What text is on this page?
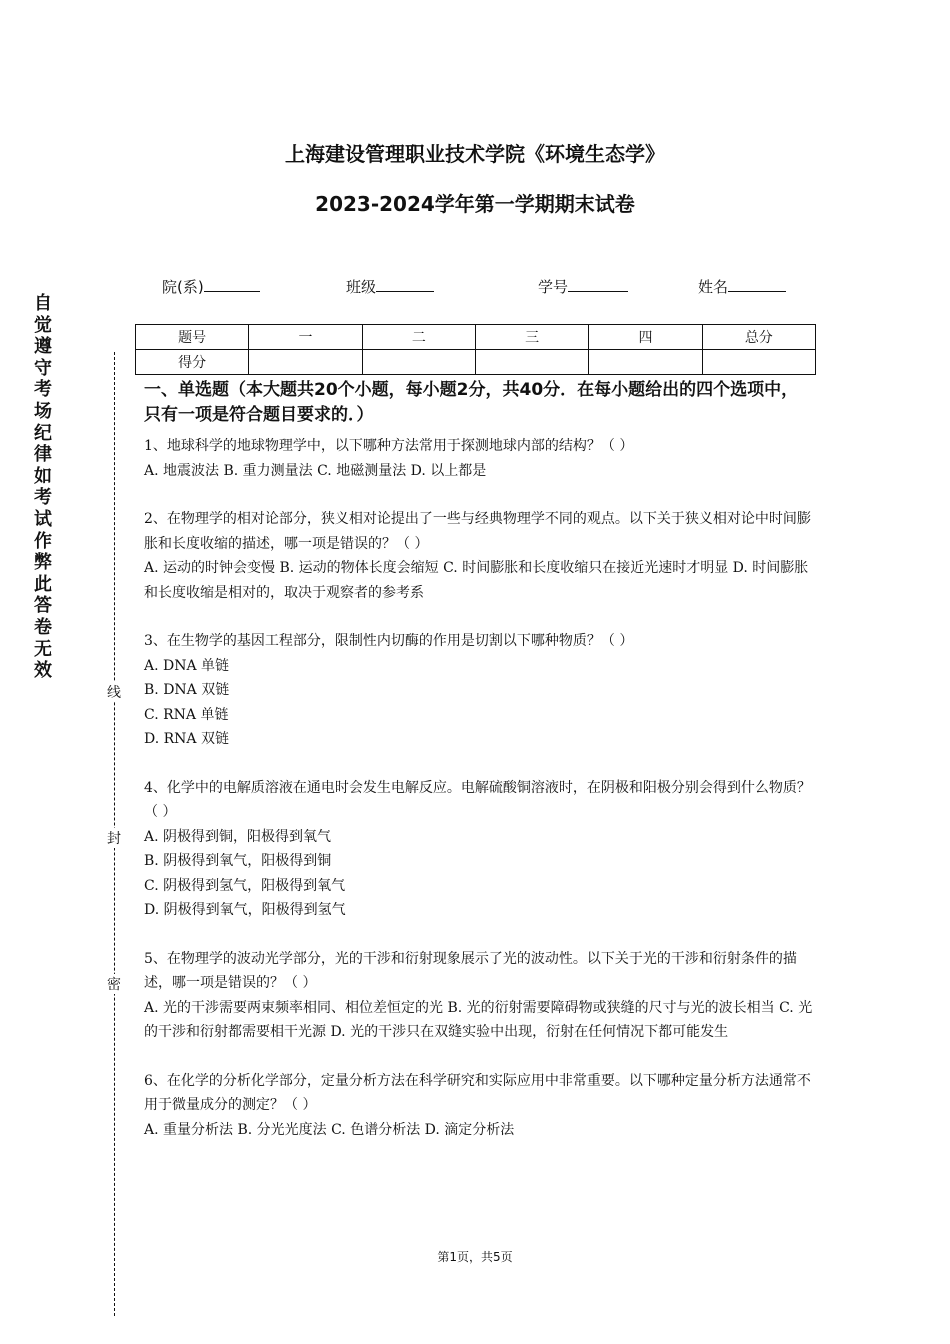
上海建设管理职业技术学院《环境生态学》
2023-2024学年第一学期期末试卷
院(系)	班级	学号	姓名
题号	一	二	三	四	总分
得分					
自觉遵守考场纪律如考试作弊此答卷无效
线
封
密

一、单选题（本大题共20个小题，每小题2分，共40分．在每小题给出的四个选项中，只有一项是符合题目要求的．）

1、地球科学的地球物理学中，以下哪种方法常用于探测地球内部的结构？（ ）

A. 地震波法 B. 重力测量法 C. 地磁测量法 D. 以上都是

2、在物理学的相对论部分，狭义相对论提出了一些与经典物理学不同的观点。以下关于狭义相对论中时间膨胀和长度收缩的描述，哪一项是错误的？（ ）

A. 运动的时钟会变慢 B. 运动的物体长度会缩短 C. 时间膨胀和长度收缩只在接近光速时才明显 D. 时间膨胀和长度收缩是相对的，取决于观察者的参考系

3、在生物学的基因工程部分，限制性内切酶的作用是切割以下哪种物质？（ ）

A. DNA 单链

B. DNA 双链

C. RNA 单链

D. RNA 双链

4、化学中的电解质溶液在通电时会发生电解反应。电解硫酸铜溶液时，在阴极和阳极分别会得到什么物质？（ ）

A. 阴极得到铜，阳极得到氧气

B. 阴极得到氧气，阳极得到铜

C. 阴极得到氢气，阳极得到氧气

D. 阴极得到氧气，阳极得到氢气

5、在物理学的波动光学部分，光的干涉和衍射现象展示了光的波动性。以下关于光的干涉和衍射条件的描述，哪一项是错误的？（ ）

A. 光的干涉需要两束频率相同、相位差恒定的光 B. 光的衍射需要障碍物或狭缝的尺寸与光的波长相当 C. 光的干涉和衍射都需要相干光源 D. 光的干涉只在双缝实验中出现，衍射在任何情况下都可能发生

6、在化学的分析化学部分，定量分析方法在科学研究和实际应用中非常重要。以下哪种定量分析方法通常不用于微量成分的测定？（ ）

A. 重量分析法 B. 分光光度法 C. 色谱分析法 D. 滴定分析法

第1页，共5页
